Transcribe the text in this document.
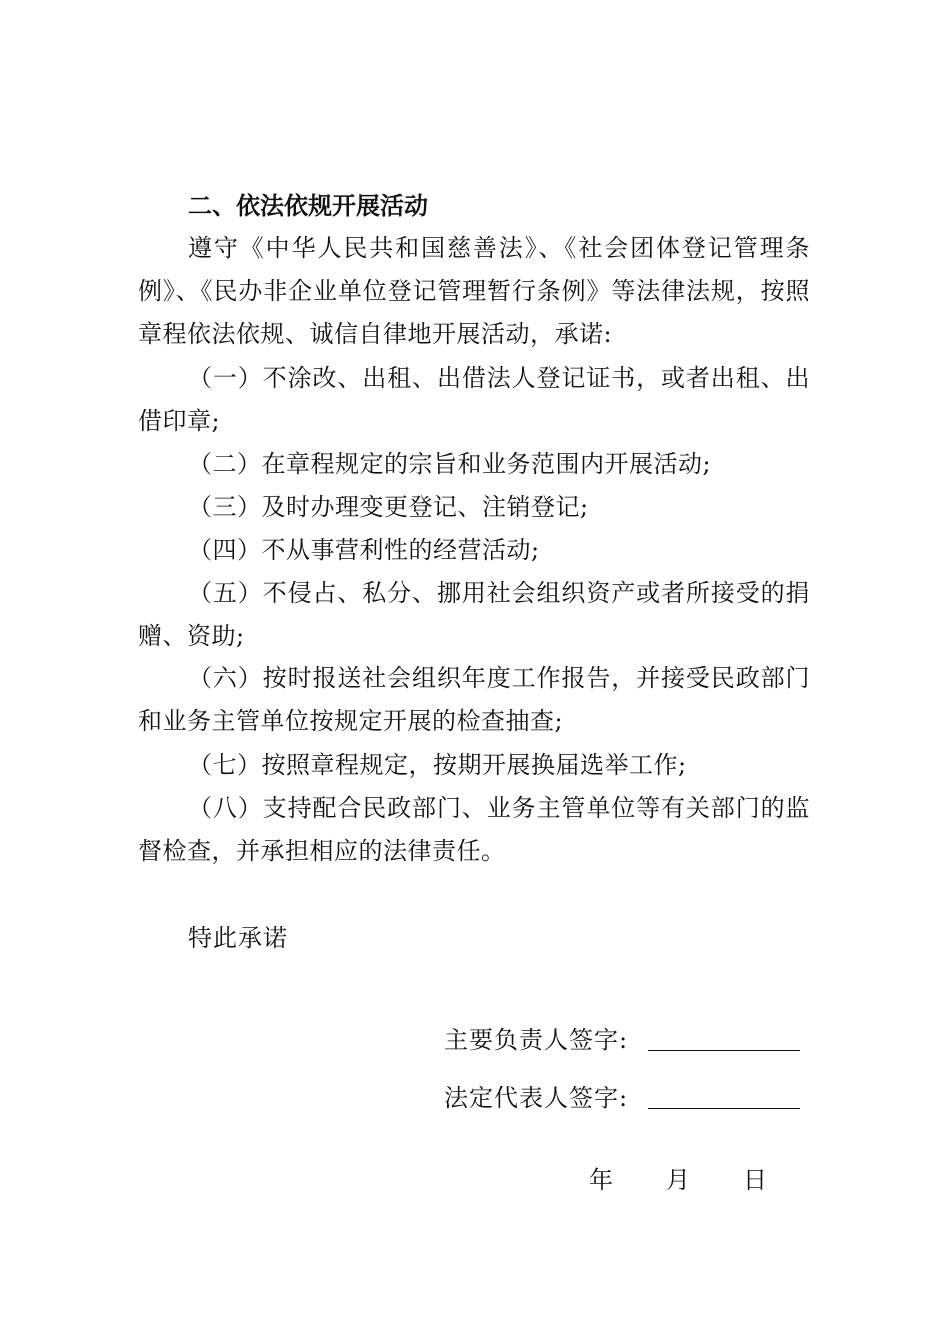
二、依法依规开展活动
遵守《中华人民共和国慈善法》、《社会团体登记管理条例》、《民办非企业单位登记管理暂行条例》等法律法规，按照章程依法依规、诚信自律地开展活动，承诺:
（一）不涂改、出租、出借法人登记证书，或者出租、出借印章;
（二）在章程规定的宗旨和业务范围内开展活动;
（三）及时办理变更登记、注销登记;
（四）不从事营利性的经营活动;
（五）不侵占、私分、挪用社会组织资产或者所接受的捐赠、资助;
（六）按时报送社会组织年度工作报告，并接受民政部门和业务主管单位按规定开展的检查抽查;
（七）按照章程规定，按期开展换届选举工作;
（八）支持配合民政部门、业务主管单位等有关部门的监督检查，并承担相应的法律责任。
特此承诺
主要负责人签字:
法定代表人签字:
年 月 日
